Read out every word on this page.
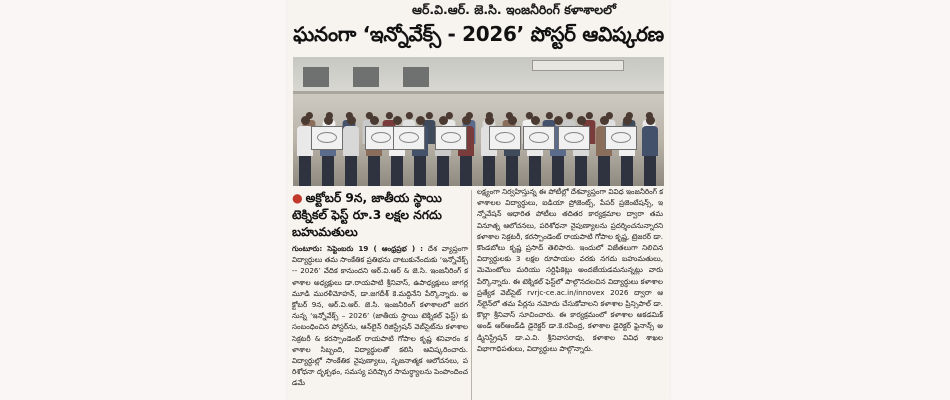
ఆర్.వి.ఆర్. జె.సి. ఇంజనీరింగ్ కళాశాలలో
ఘనంగా ‘ఇన్నోవేక్స్ - 2026’ పోస్టర్ ఆవిష్కరణ
● అక్టోబర్ 9న, జాతీయ స్థాయి టెక్నికల్ ఫెస్ట్ రూ.3 లక్షల నగదు బహుమతులు
గుంటూరు: సెప్టెంబరు 19 ( ఆంధ్రప్రభ ) : దేశ వ్యాప్తంగా విద్యార్థులు తమ సాంకేతిక ప్రతిభను చాటుకునేందుకు ‘ఇన్నోవేక్స్ -- 2026’ వేదిక కానుందని ఆర్.వి.ఆర్ & జె.సి. ఇంజనీరింగ్ కళాశాల అధ్యక్షులు డా.రాయపాటి శ్రీనివాస్, ఉపాధ్యక్షులు జాగర్లమూడి మురళీమోహన్, డా.జగదీశ్ కె.మద్దినేని పేర్కొన్నారు. అక్టోబర్ 9న, ఆర్.వి.ఆర్. జె.సి. ఇంజనీరింగ్ కళాశాలలో జరగనున్న ‘ఇన్నోవేక్స్ – 2026’ (జాతీయ స్థాయి టెక్నికల్ ఫెస్ట్) కు సంబంధించిన పోస్టర్‌ను, ఆన్‌లైన్ రిజిస్ట్రేషన్ వెబ్‌సైట్‌ను కళాశాల సెక్రటరీ & కరస్పాండెంట్ రాయపాటి గోపాల కృష్ణ శనివారం కళాశాల సిబ్బంది, విద్యార్థులతో కలిసి ఆవిష్కరించారు. విద్యార్థుల్లో సాంకేతిక నైపుణ్యాలు, సృజనాత్మక ఆలోచనలు, పరిశోధనా దృక్పథం, సమస్య పరిష్కార సామర్థ్యాలను పెంపొందించడమే
లక్ష్యంగా నిర్వహిస్తున్న ఈ పోటీల్లో దేశవ్యాప్తంగా వివిధ ఇంజనీరింగ్ కళాశాలల విద్యార్థులు, ఐడియా ప్రోజెంట్స్, పేపర్ ప్రజెంటేషన్స్, ఇన్నోవేషన్ ఆధారిత పోటీలు తదితర కార్యక్రమాల ద్వారా తమ వినూత్న ఆలోచనలు, పరిశోధనా నైపుణ్యాలను ప్రదర్శించనున్నారని కళాశాల సెక్రటరీ, కరస్పాండెంట్ రాయపాటి గోపాల కృష్ణ, ట్రెజరర్ డా.కొండబోలు కృష్ణ ప్రసాద్ తెలిపారు. ఇందులో విజేతలుగా నిలిచిన విద్యార్థులకు 3 లక్షల రూపాయల వరకు నగదు బహుమతులు, మెమెంటోలు మరియు సర్టిఫికెట్లు అందజేయడమనున్నట్లు వారు పేర్కొన్నారు. ఈ టెక్నికల్ ఫెస్ట్‌లో పాల్గొనదలచిన విద్యార్థులు కళాశాల ప్రత్యేక వెబ్‌సైట్ rvrjc-ce.ac.in/innovex 2026 ద్వారా ఆన్‌లైన్‌లో తమ పేర్లను నమోదు చేసుకోవాలని కళాశాల ప్రిన్సిపాల్ డా. కొల్లా శ్రీనివాస్ సూచించారు. ఈ కార్యక్రమంలో కళాశాల అకడమిక్ అండ్ ఆర్ఆండ్‌డి డైరెక్టర్ డా.కె.రవీంద్ర, కళాశాల డైరెక్టర్ ఫైనాన్స్ అడ్మినిస్ట్రేషన్ డా.ఎ.వి. శ్రీనివాసరావు, కళాశాల వివిధ శాఖల విభాగాధిపతులు, విద్యార్థులు పాల్గొన్నారు.
